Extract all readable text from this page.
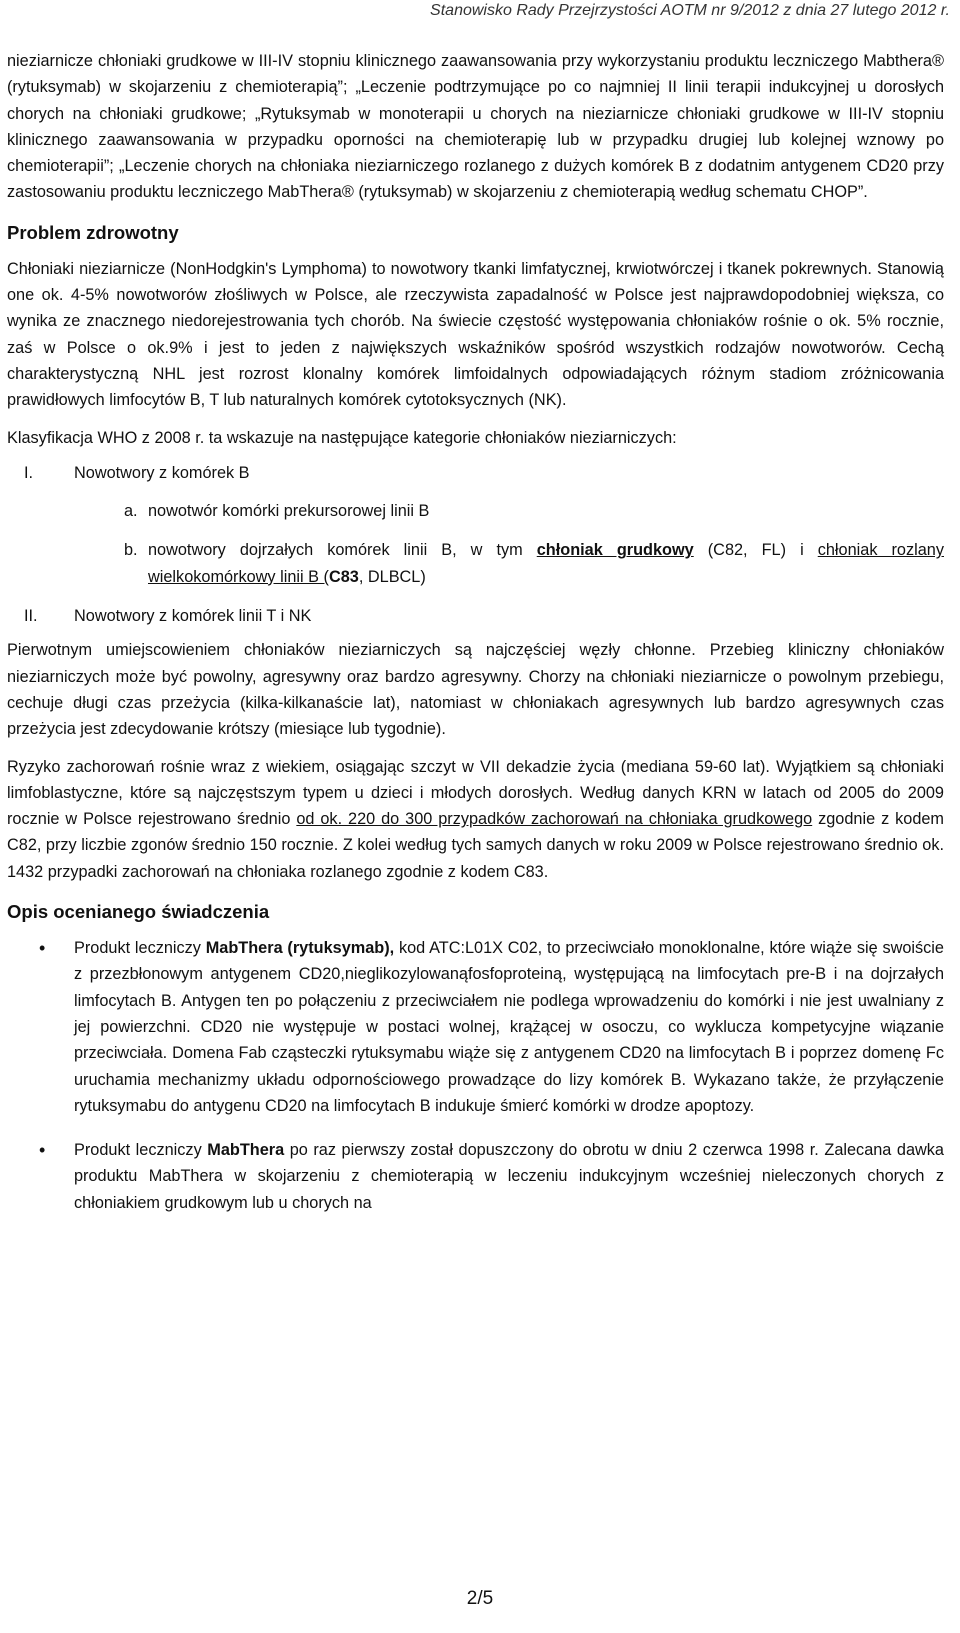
Stanowisko Rady Przejrzystości AOTM nr 9/2012 z dnia 27 lutego 2012 r.

nieziarnicze chłoniaki grudkowe w III-IV stopniu klinicznego zaawansowania przy wykorzystaniu produktu leczniczego Mabthera® (rytuksymab) w skojarzeniu z chemioterapią”; „Leczenie podtrzymujące po co najmniej II linii terapii indukcyjnej u dorosłych chorych na chłoniaki grudkowe; „Rytuksymab w monoterapii u chorych na nieziarnicze chłoniaki grudkowe w III-IV stopniu klinicznego zaawansowania w przypadku oporności na chemioterapię lub w przypadku drugiej lub kolejnej wznowy po chemioterapii”; „Leczenie chorych na chłoniaka nieziarniczego rozlanego z dużych komórek B z dodatnim antygenem CD20 przy zastosowaniu produktu leczniczego MabThera® (rytuksymab) w skojarzeniu z chemioterapią według schematu CHOP”.

Problem zdrowotny

Chłoniaki nieziarnicze (NonHodgkin's Lymphoma) to nowotwory tkanki limfatycznej, krwiotwórczej i tkanek pokrewnych. Stanowią one ok. 4-5% nowotworów złośliwych w Polsce, ale rzeczywista zapadalność w Polsce jest najprawdopodobniej większa, co wynika ze znacznego niedorejestrowania tych chorób. Na świecie częstość występowania chłoniaków rośnie o ok. 5% rocznie, zaś w Polsce o ok.9% i jest to jeden z największych wskaźników spośród wszystkich rodzajów nowotworów. Cechą charakterystyczną NHL jest rozrost klonalny komórek limfoidalnych odpowiadających różnym stadiom zróżnicowania prawidłowych limfocytów B, T lub naturalnych komórek cytotoksycznych (NK).

Klasyfikacja WHO z 2008 r. ta wskazuje na następujące kategorie chłoniaków nieziarniczych:

I.	Nowotwory z komórek B
a. nowotwór komórki prekursorowej linii B
b. nowotwory dojrzałych komórek linii B, w tym chłoniak grudkowy (C82, FL) i chłoniak rozlany wielkokomórkowy linii B (C83, DLBCL)
II. Nowotwory z komórek linii T i NK

Pierwotnym umiejscowieniem chłoniaków nieziarniczych są najczęściej węzły chłonne. Przebieg kliniczny chłoniaków nieziarniczych może być powolny, agresywny oraz bardzo agresywny. Chorzy na chłoniaki nieziarnicze o powolnym przebiegu, cechuje długi czas przeżycia (kilka-kilkanaście lat), natomiast w chłoniakach agresywnych lub bardzo agresywnych czas przeżycia jest zdecydowanie krótszy (miesiące lub tygodnie).

Ryzyko zachorowań rośnie wraz z wiekiem, osiągając szczyt w VII dekadzie życia (mediana 59-60 lat). Wyjątkiem są chłoniaki limfoblastyczne, które są najczęstszym typem u dzieci i młodych dorosłych. Według danych KRN w latach od 2005 do 2009 rocznie w Polsce rejestrowano średnio od ok. 220 do 300 przypadków zachorowań na chłoniaka grudkowego zgodnie z kodem C82, przy liczbie zgonów średnio 150 rocznie. Z kolei według tych samych danych w roku 2009 w Polsce rejestrowano średnio ok. 1432 przypadki zachorowań na chłoniaka rozlanego zgodnie z kodem C83.

Opis ocenianego świadczenia
• Produkt leczniczy MabThera (rytuksymab), kod ATC:L01X C02, to przeciwciało monoklonalne, które wiąże się swoiście z przezbłonowym antygenem CD20,nieglikozylowanąfosfoproteiną, występującą na limfocytach pre-B i na dojrzałych limfocytach B. Antygen ten po połączeniu z przeciwciałem nie podlega wprowadzeniu do komórki i nie jest uwalniany z jej powierzchni. CD20 nie występuje w postaci wolnej, krążącej w osoczu, co wyklucza kompetycyjne wiązanie przeciwciała. Domena Fab cząsteczki rytuksymabu wiąże się z antygenem CD20 na limfocytach B i poprzez domenę Fc uruchamia mechanizmy układu odpornościowego prowadzące do lizy komórek B. Wykazano także, że przyłączenie rytuksymabu do antygenu CD20 na limfocytach B indukuje śmierć komórki w drodze apoptozy.
• Produkt leczniczy MabThera po raz pierwszy został dopuszczony do obrotu w dniu 2 czerwca 1998 r. Zalecana dawka produktu MabThera w skojarzeniu z chemioterapią w leczeniu indukcyjnym wcześniej nieleczonych chorych z chłoniakiem grudkowym lub u chorych na
2/5
